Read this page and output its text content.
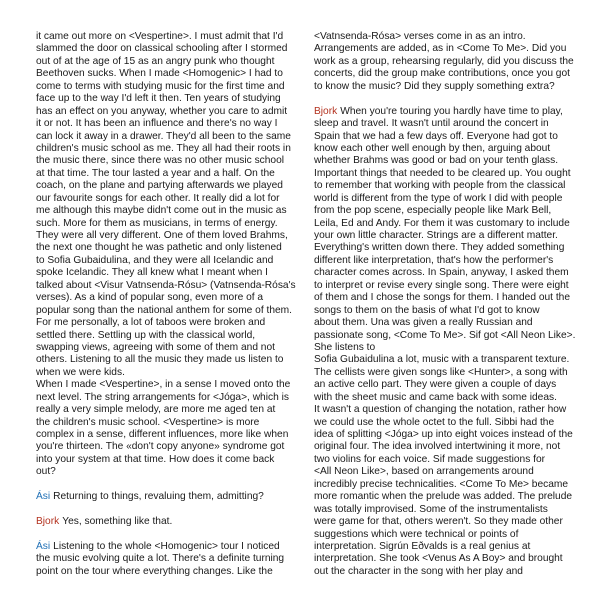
it came out more on <Vespertine>. I must admit that I'd
slammed the door on classical schooling after I stormed
out of at the age of 15 as an angry punk who thought
Beethoven sucks. When I made <Homogenic> I had to
come to terms with studying music for the first time and
face up to the way I'd left it then. Ten years of studying
has an effect on you anyway, whether you care to admit
it or not. It has been an influence and there's no way I
can lock it away in a drawer. They'd all been to the same
children's music school as me. They all had their roots in
the music there, since there was no other music school
at that time. The tour lasted a year and a half. On the
coach, on the plane and partying afterwards we played
our favourite songs for each other. It really did a lot for
me although this maybe didn't come out in the music as
such. More for them as musicians, in terms of energy.
They were all very different. One of them loved Brahms,
the next one thought he was pathetic and only listened
to Sofia Gubaidulina, and they were all Icelandic and
spoke Icelandic. They all knew what I meant when I
talked about <Visur Vatnsenda-Rósu> (Vatnsenda-Rósa's
verses). As a kind of popular song, even more of a
popular song than the national anthem for some of them.
For me personally, a lot of taboos were broken and
settled there. Settling up with the classical world,
swapping views, agreeing with some of them and not
others. Listening to all the music they made us listen to
when we were kids.
When I made <Vespertine>, in a sense I moved onto the
next level. The string arrangements for <Jóga>, which is
really a very simple melody, are more me aged ten at
the children's music school. <Vespertine> is more
complex in a sense, different influences, more like when
you're thirteen. The «don't copy anyone» syndrome got
into your system at that time. How does it come back
out?
Ási Returning to things, revaluing them, admitting?
Bjork Yes, something like that.
Ási Listening to the whole <Homogenic> tour I noticed
the music evolving quite a lot. There's a definite turning
point on the tour where everything changes. Like the
<Vatnsenda-Rósa> verses come in as an intro.
Arrangements are added, as in <Come To Me>. Did you
work as a group, rehearsing regularly, did you discuss the
concerts, did the group make contributions, once you got
to know the music? Did they supply something extra?
Bjork When you're touring you hardly have time to play,
sleep and travel. It wasn't until around the concert in
Spain that we had a few days off. Everyone had got to
know each other well enough by then, arguing about
whether Brahms was good or bad on your tenth glass.
Important things that needed to be cleared up. You ought
to remember that working with people from the classical
world is different from the type of work I did with people
from the pop scene, especially people like Mark Bell,
Leila, Ed and Andy. For them it was customary to include
your own little character. Strings are a different matter.
Everything's written down there. They added something
different like interpretation, that's how the performer's
character comes across. In Spain, anyway, I asked them
to interpret or revise every single song. There were eight
of them and I chose the songs for them. I handed out the
songs to them on the basis of what I'd got to know
about them. Una was given a really Russian and
passionate song, <Come To Me>. Sif got <All Neon Like>.
She listens to
Sofia Gubaidulina a lot, music with a transparent texture.
The cellists were given songs like <Hunter>, a song with
an active cello part. They were given a couple of days
with the sheet music and came back with some ideas.
It wasn't a question of changing the notation, rather how
we could use the whole octet to the full. Sibbi had the
idea of splitting <Jóga> up into eight voices instead of the
original four. The idea involved intertwining it more, not
two violins for each voice. Sif made suggestions for
<All Neon Like>, based on arrangements around
incredibly precise technicalities. <Come To Me> became
more romantic when the prelude was added. The prelude
was totally improvised. Some of the instrumentalists
were game for that, others weren't. So they made other
suggestions which were technical or points of
interpretation. Sigrún Eðvalds is a real genius at
interpretation. She took <Venus As A Boy> and brought
out the character in the song with her play and
